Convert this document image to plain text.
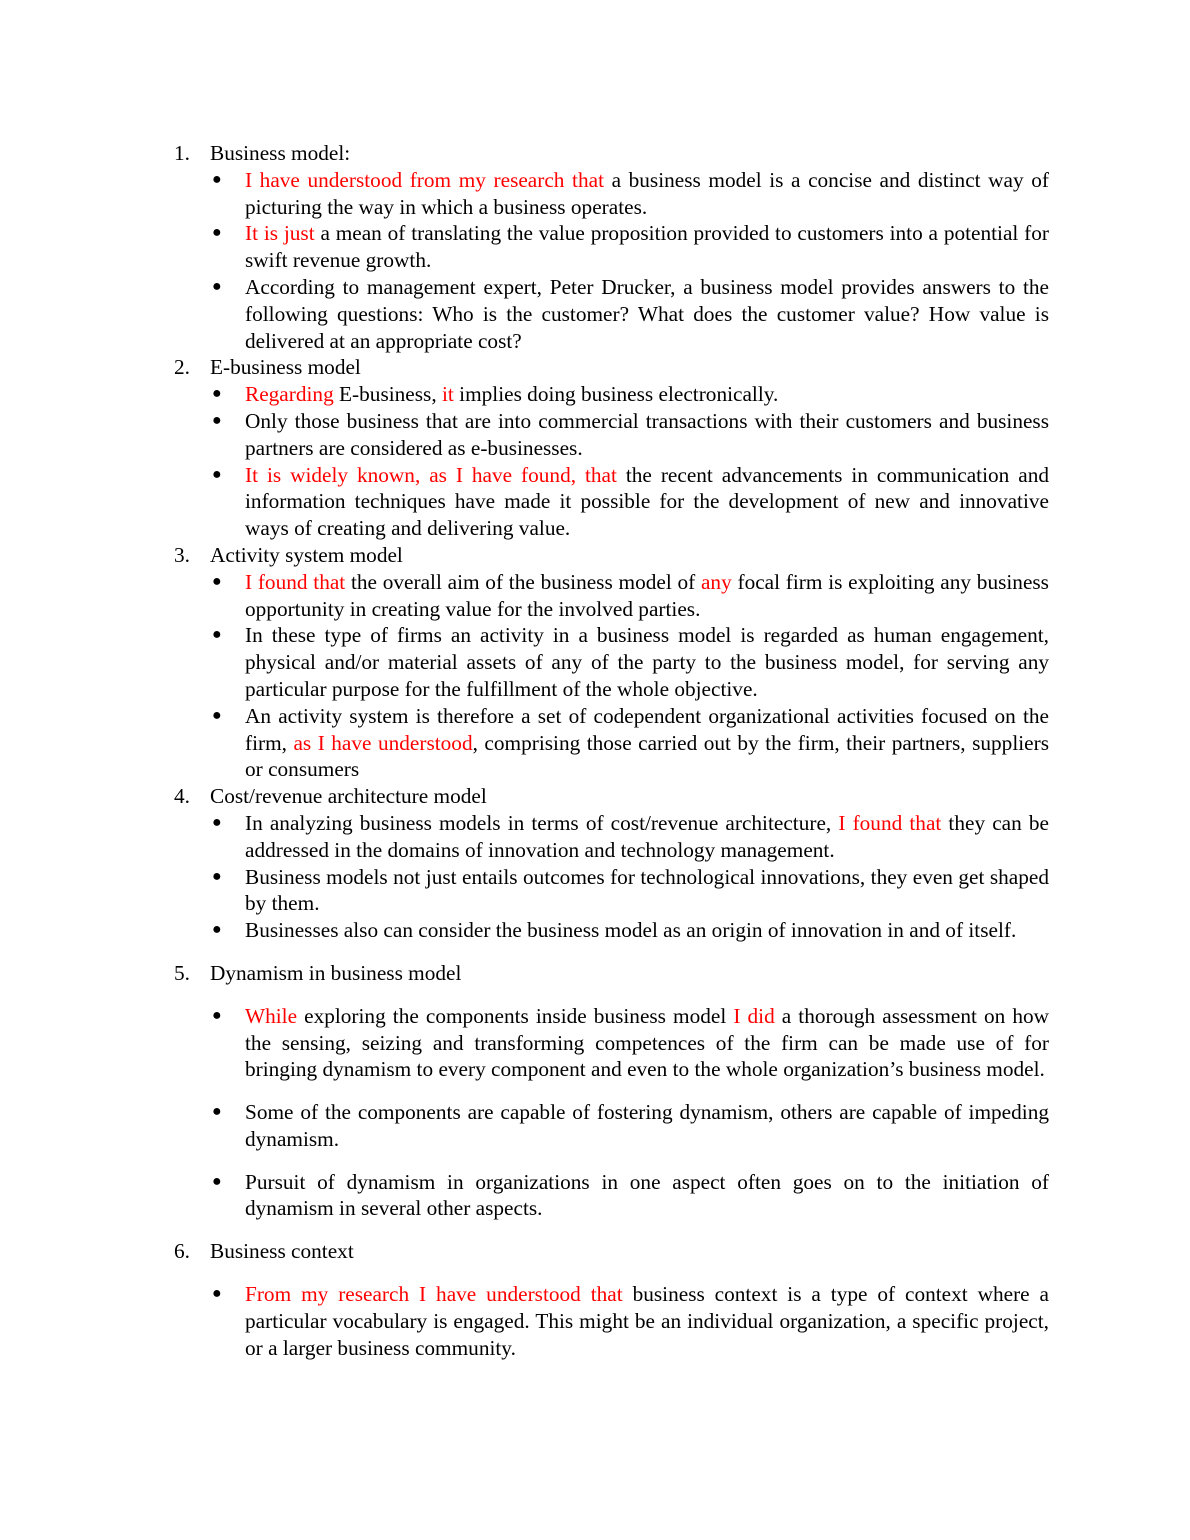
1. Business model:
● I have understood from my research that a business model is a concise and distinct way of picturing the way in which a business operates.
● It is just a mean of translating the value proposition provided to customers into a potential for swift revenue growth.
● According to management expert, Peter Drucker, a business model provides answers to the following questions: Who is the customer? What does the customer value? How value is delivered at an appropriate cost?
2. E-business model
● Regarding E-business, it implies doing business electronically.
● Only those business that are into commercial transactions with their customers and business partners are considered as e-businesses.
● It is widely known, as I have found, that the recent advancements in communication and information techniques have made it possible for the development of new and innovative ways of creating and delivering value.
3. Activity system model
● I found that the overall aim of the business model of any focal firm is exploiting any business opportunity in creating value for the involved parties.
● In these type of firms an activity in a business model is regarded as human engagement, physical and/or material assets of any of the party to the business model, for serving any particular purpose for the fulfillment of the whole objective.
● An activity system is therefore a set of codependent organizational activities focused on the firm, as I have understood, comprising those carried out by the firm, their partners, suppliers or consumers
4. Cost/revenue architecture model
● In analyzing business models in terms of cost/revenue architecture, I found that they can be addressed in the domains of innovation and technology management.
● Business models not just entails outcomes for technological innovations, they even get shaped by them.
● Businesses also can consider the business model as an origin of innovation in and of itself.
5. Dynamism in business model
● While exploring the components inside business model I did a thorough assessment on how the sensing, seizing and transforming competences of the firm can be made use of for bringing dynamism to every component and even to the whole organization’s business model.
● Some of the components are capable of fostering dynamism, others are capable of impeding dynamism.
● Pursuit of dynamism in organizations in one aspect often goes on to the initiation of dynamism in several other aspects.
6. Business context
● From my research I have understood that business context is a type of context where a particular vocabulary is engaged. This might be an individual organization, a specific project, or a larger business community.
